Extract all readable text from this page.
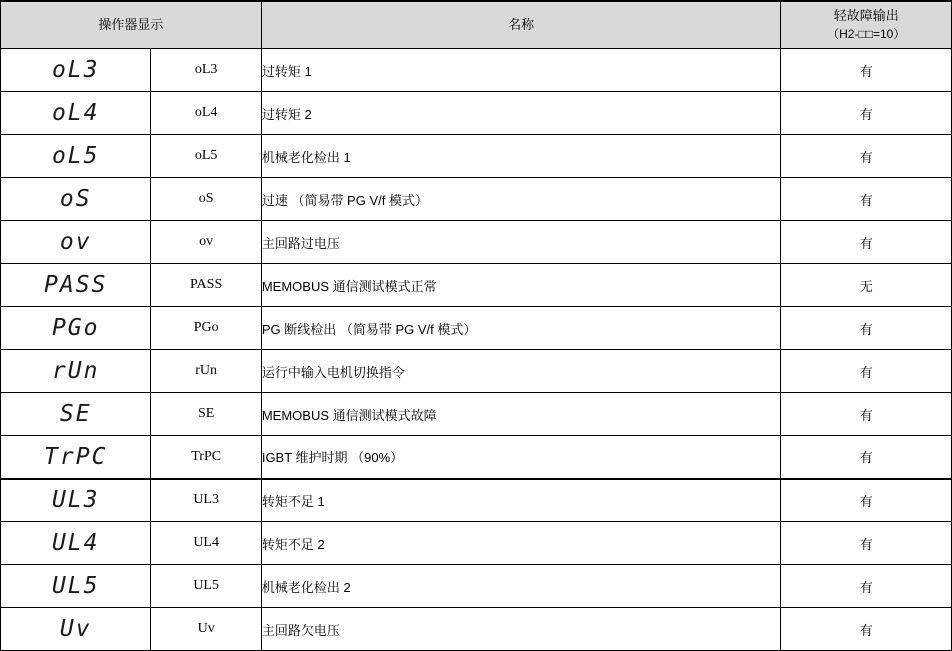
操作器显示		名称	轻故障输出
（H2-□□=10）

oL3	oL3	过转矩 1	有
oL4	oL4	过转矩 2	有
oL5	oL5	机械老化检出 1	有
oS	oS	过速 （简易带 PG V/f 模式）	有
ov	ov	主回路过电压	有
PASS	PASS	MEMOBUS 通信测试模式正常	无
PGo	PGo	PG 断线检出 （简易带 PG V/f 模式）	有
rUn	rUn	运行中输入电机切换指令	有
SE	SE	MEMOBUS 通信测试模式故障	有
TrPC	TrPC	IGBT 维护时期 （90%）	有
UL3	UL3	转矩不足 1	有
UL4	UL4	转矩不足 2	有
UL5	UL5	机械老化检出 2	有
Uv	Uv	主回路欠电压	有
